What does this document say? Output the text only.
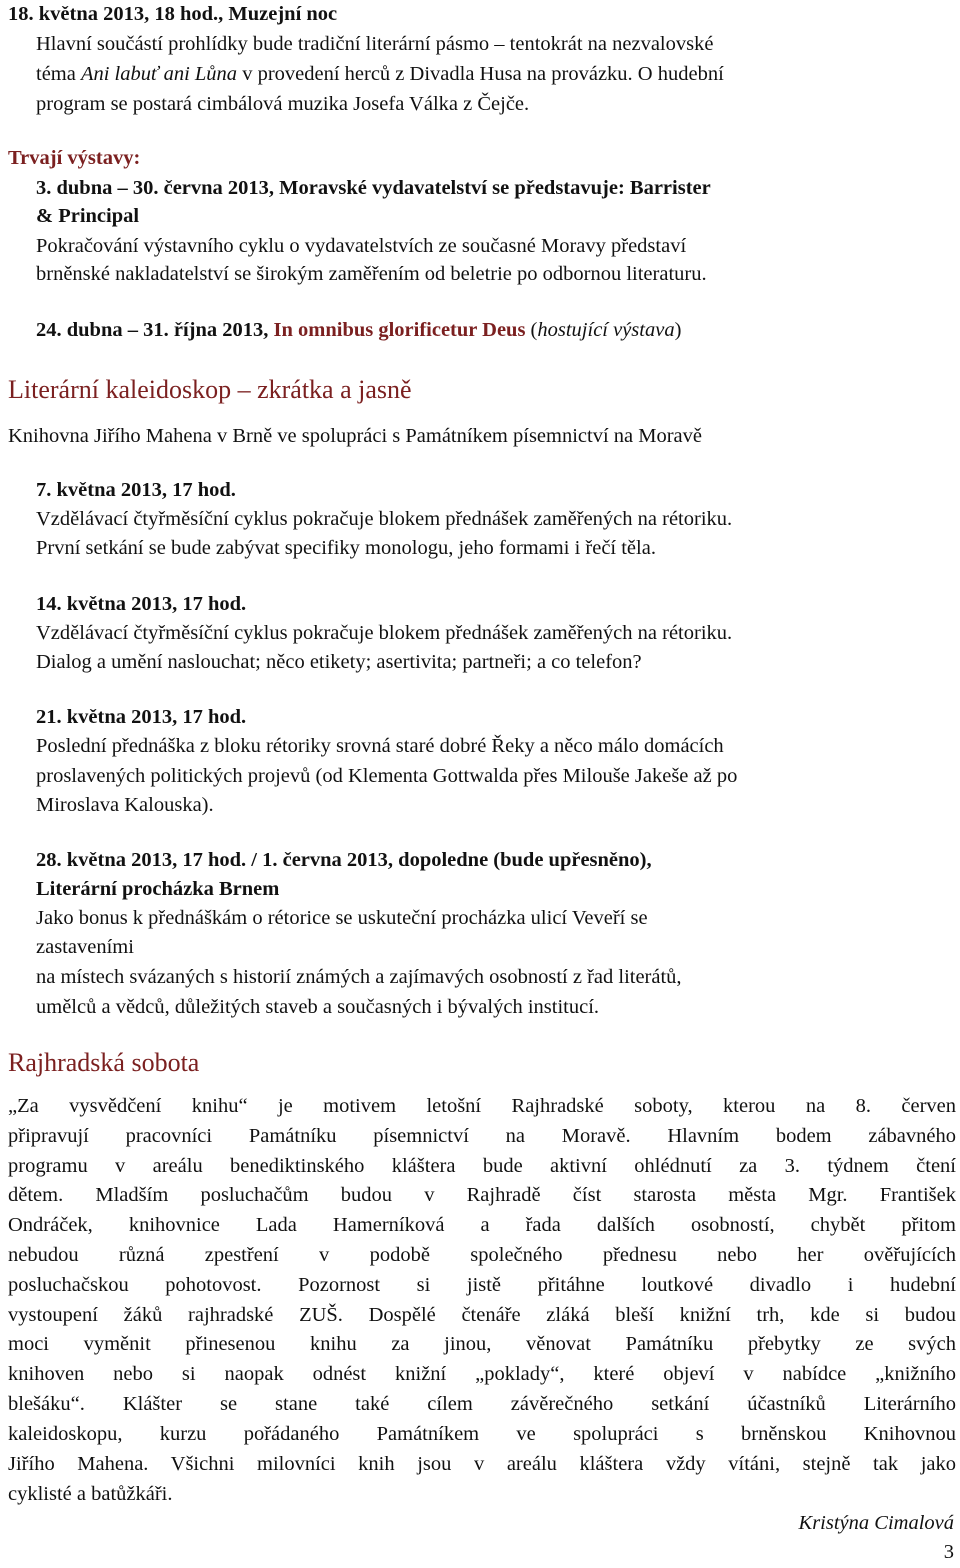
18. května 2013, 18 hod., Muzejní noc
Hlavní součástí prohlídky bude tradiční literární pásmo – tentokrát na nezvalovské
téma Ani labuť ani Lůna v provedení herců z Divadla Husa na provázku. O hudební
program se postará cimbálová muzika Josefa Válka z Čejče.
Trvají výstavy:
3. dubna – 30. června 2013, Moravské vydavatelství se představuje: Barrister
& Principal
Pokračování výstavního cyklu o vydavatelstvích ze současné Moravy představí
brněnské nakladatelství se širokým zaměřením od beletrie po odbornou literaturu.
24. dubna – 31. října 2013, In omnibus glorificetur Deus (hostující výstava)
Literární kaleidoskop – zkrátka a jasně
Knihovna Jiřího Mahena v Brně ve spolupráci s Památníkem písemnictví na Moravě
7. května 2013, 17 hod.
Vzdělávací čtyřměsíční cyklus pokračuje blokem přednášek zaměřených na rétoriku.
První setkání se bude zabývat specifiky monologu, jeho formami i řečí těla.
14. května 2013, 17 hod.
Vzdělávací čtyřměsíční cyklus pokračuje blokem přednášek zaměřených na rétoriku.
Dialog a umění naslouchat; něco etikety; asertivita; partneři; a co telefon?
21. května 2013, 17 hod.
Poslední přednáška z bloku rétoriky srovná staré dobré Řeky a něco málo domácích
proslavených politických projevů (od Klementa Gottwalda přes Milouše Jakeše až po
Miroslava Kalouska).
28. května 2013, 17 hod. / 1. června 2013, dopoledne (bude upřesněno),
Literární procházka Brnem
Jako bonus k přednáškám o rétorice se uskuteční procházka ulicí Veveří se
zastaveními
na místech svázaných s historií známých a zajímavých osobností z řad literátů,
umělců a vědců, důležitých staveb a současných i bývalých institucí.
Rajhradská sobota
„Za vysvědčení knihu“ je motivem letošní Rajhradské soboty, kterou na 8. červen
připravují pracovníci Památníku písemnictví na Moravě. Hlavním bodem zábavného
programu v areálu benediktinského kláštera bude aktivní ohlédnutí za 3. týdnem čtení
dětem. Mladším posluchačům budou v Rajhradě číst starosta města Mgr. František
Ondráček, knihovnice Lada Hamerníková a řada dalších osobností, chybět přitom
nebudou různá zpestření v podobě společného přednesu nebo her ověřujících
posluchačskou pohotovost. Pozornost si jistě přitáhne loutkové divadlo i hudební
vystoupení žáků rajhradské ZUŠ. Dospělé čtenáře zláká bleší knižní trh, kde si budou
moci vyměnit přinesenou knihu za jinou, věnovat Památníku přebytky ze svých
knihoven nebo si naopak odnést knižní „poklady“, které objeví v nabídce „knižního
blešáku“. Klášter se stane také cílem závěrečného setkání účastníků Literárního
kaleidoskopu, kurzu pořádaného Památníkem ve spolupráci s brněnskou Knihovnou
Jiřího Mahena. Všichni milovníci knih jsou v areálu kláštera vždy vítáni, stejně tak jako
cyklisté a batůžkáři.
Kristýna Cimalová
3
